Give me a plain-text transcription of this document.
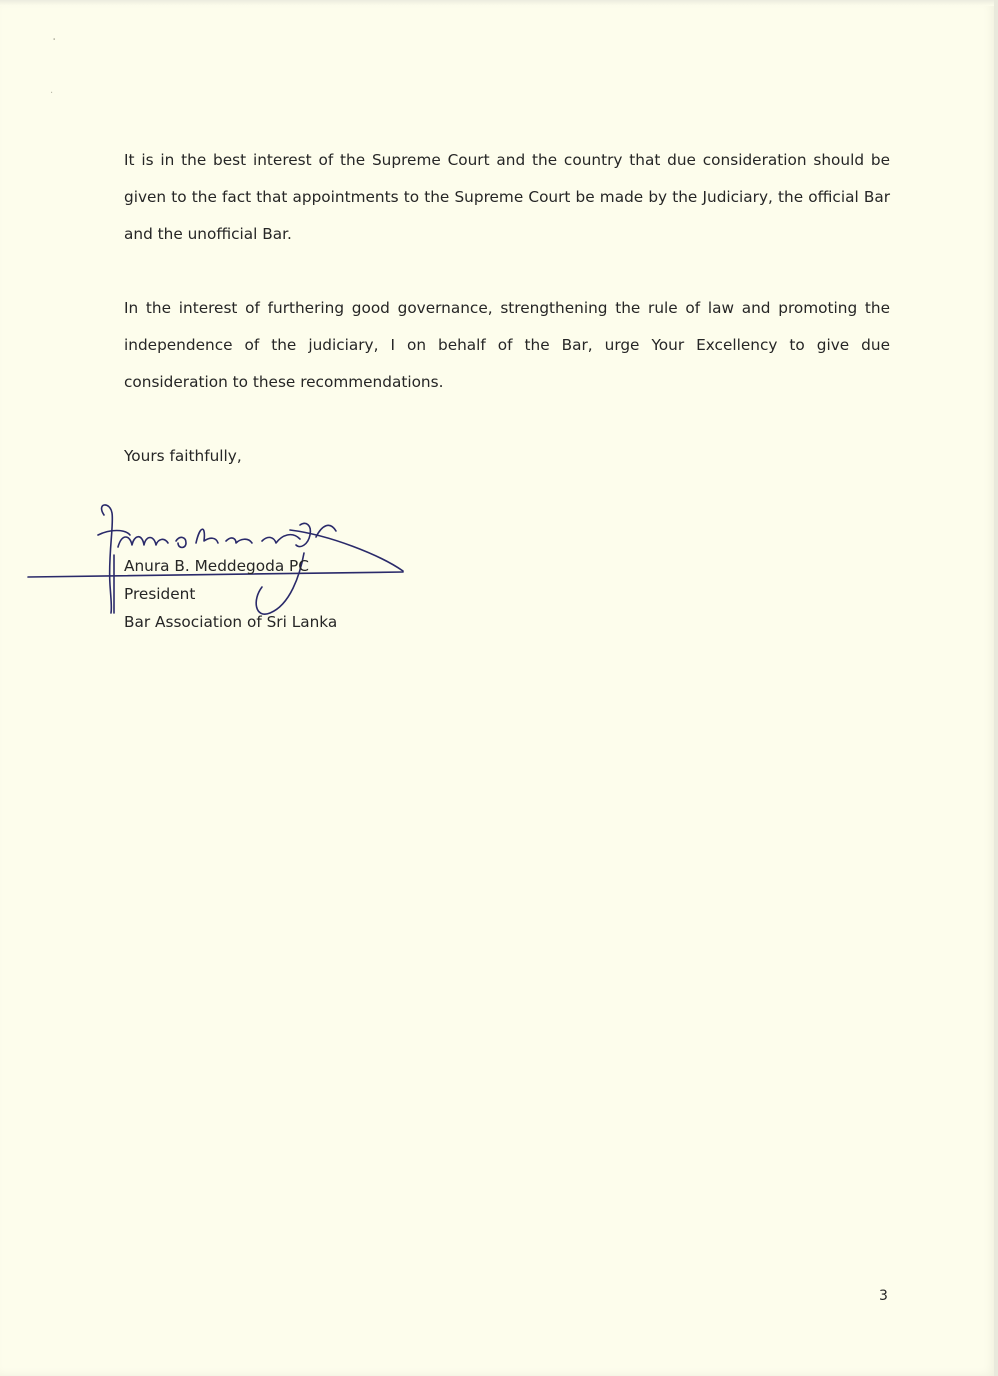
·
·

It is in the best interest of the Supreme Court and the country that due consideration should be given to the fact that appointments to the Supreme Court be made by the Judiciary, the official Bar and the unofficial Bar.

In the interest of furthering good governance, strengthening the rule of law and promoting the independence of the judiciary, I on behalf of the Bar, urge Your Excellency to give due consideration to these recommendations.

Yours faithfully,

Anura B. Meddegoda PC

President

Bar Association of Sri Lanka

3
